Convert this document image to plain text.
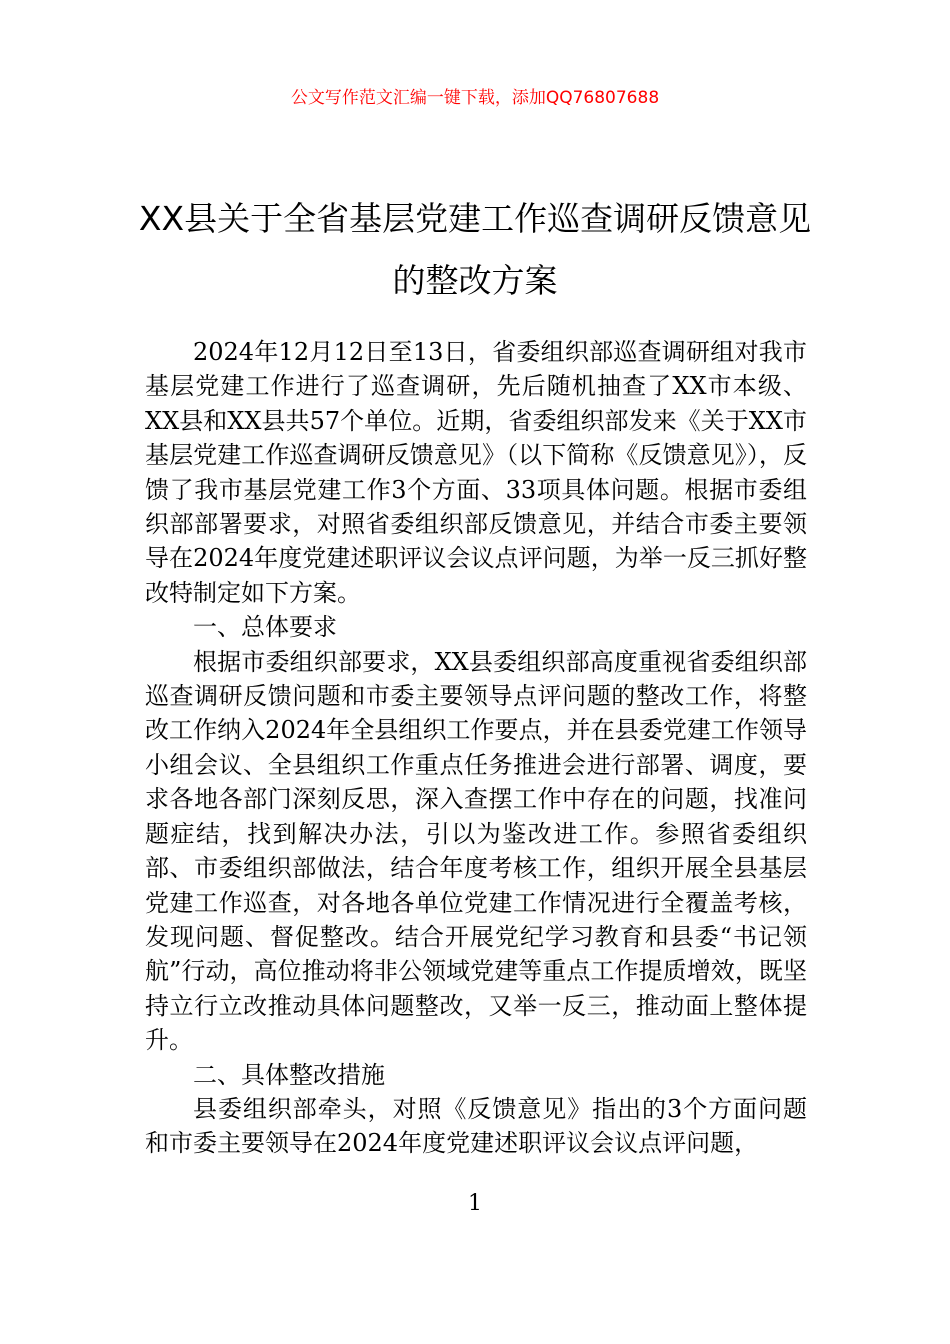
公文写作范文汇编一键下载，添加QQ76807688
XX县关于全省基层党建工作巡查调研反馈意见的整改方案

2024年12月12日至13日，省委组织部巡查调研组对我市基层党建工作进行了巡查调研，先后随机抽查了XX市本级、XX县和XX县共57个单位。近期，省委组织部发来《关于XX市基层党建工作巡查调研反馈意见》（以下简称《反馈意见》），反馈了我市基层党建工作3个方面、33项具体问题。根据市委组织部部署要求，对照省委组织部反馈意见，并结合市委主要领导在2024年度党建述职评议会议点评问题，为举一反三抓好整改特制定如下方案。

一、总体要求

根据市委组织部要求，XX县委组织部高度重视省委组织部巡查调研反馈问题和市委主要领导点评问题的整改工作，将整改工作纳入2024年全县组织工作要点，并在县委党建工作领导小组会议、全县组织工作重点任务推进会进行部署、调度，要求各地各部门深刻反思，深入查摆工作中存在的问题，找准问题症结，找到解决办法，引以为鉴改进工作。参照省委组织部、市委组织部做法，结合年度考核工作，组织开展全县基层党建工作巡查，对各地各单位党建工作情况进行全覆盖考核，发现问题、督促整改。结合开展党纪学习教育和县委“书记领航”行动，高位推动将非公领域党建等重点工作提质增效，既坚持立行立改推动具体问题整改，又举一反三，推动面上整体提升。

二、具体整改措施

县委组织部牵头，对照《反馈意见》指出的3个方面问题和市委主要领导在2024年度党建述职评议会议点评问题，

1
